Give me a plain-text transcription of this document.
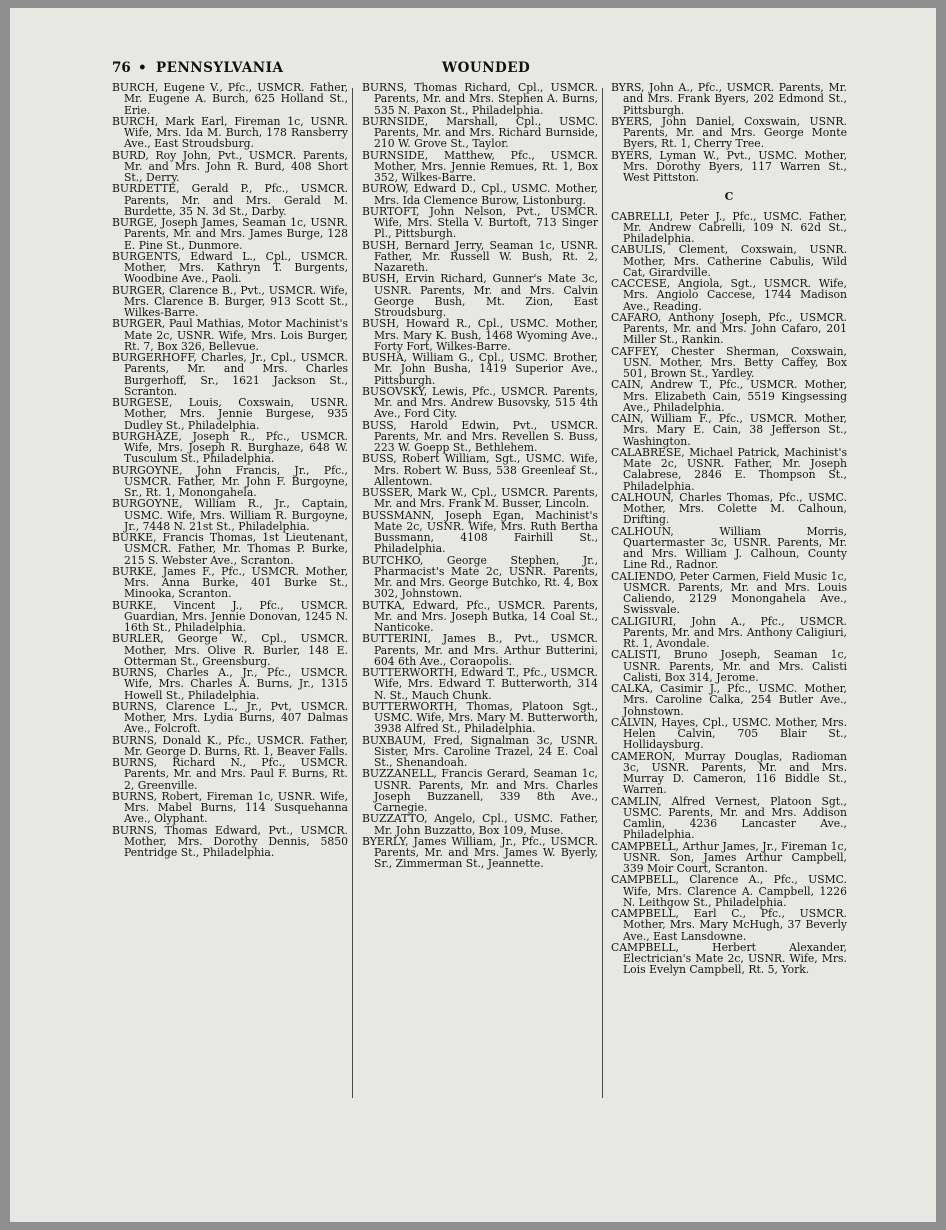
76 • PENNSYLVANIA	WOUNDED
BURCH, Eugene V., Pfc., USMCR. Father, Mr. Eugene A. Burch, 625 Holland St., Erie.
BURCH, Mark Earl, Fireman 1c, USNR. Wife, Mrs. Ida M. Burch, 178 Ransberry Ave., East Stroudsburg.
BURD, Roy John, Pvt., USMCR. Parents, Mr. and Mrs. John R. Burd, 408 Short St., Derry.
BURDETTE, Gerald P., Pfc., USMCR. Parents, Mr. and Mrs. Gerald M. Burdette, 35 N. 3d St., Darby.
BURGE, Joseph James, Seaman 1c, USNR. Parents, Mr. and Mrs. James Burge, 128 E. Pine St., Dunmore.
BURGENTS, Edward L., Cpl., USMCR. Mother, Mrs. Kathryn T. Burgents, Woodbine Ave., Paoli.
BURGER, Clarence B., Pvt., USMCR. Wife, Mrs. Clarence B. Burger, 913 Scott St., Wilkes-Barre.
BURGER, Paul Mathias, Motor Machinist's Mate 2c, USNR. Wife, Mrs. Lois Burger, Rt. 7, Box 326, Bellevue.
BURGERHOFF, Charles, Jr., Cpl., USMCR. Parents, Mr. and Mrs. Charles Burgerhoff, Sr., 1621 Jackson St., Scranton.
BURGESE, Louis, Coxswain, USNR. Mother, Mrs. Jennie Burgese, 935 Dudley St., Philadelphia.
BURGHAZE, Joseph R., Pfc., USMCR. Wife, Mrs. Joseph R. Burghaze, 648 W. Tusculum St., Philadelphia.
BURGOYNE, John Francis, Jr., Pfc., USMCR. Father, Mr. John F. Burgoyne, Sr., Rt. 1, Monongahela.
BURGOYNE, William R., Jr., Captain, USMC. Wife, Mrs. William R. Burgoyne, Jr., 7448 N. 21st St., Philadelphia.
BURKE, Francis Thomas, 1st Lieutenant, USMCR. Father, Mr. Thomas P. Burke, 215 S. Webster Ave., Scranton.
BURKE, James F., Pfc., USMCR. Mother, Mrs. Anna Burke, 401 Burke St., Minooka, Scranton.
BURKE, Vincent J., Pfc., USMCR. Guardian, Mrs. Jennie Donovan, 1245 N. 16th St., Philadelphia.
BURLER, George W., Cpl., USMCR. Mother, Mrs. Olive R. Burler, 148 E. Otterman St., Greensburg.
BURNS, Charles A., Jr., Pfc., USMCR. Wife, Mrs. Charles A. Burns, Jr., 1315 Howell St., Philadelphia.
BURNS, Clarence L., Jr., Pvt, USMCR. Mother, Mrs. Lydia Burns, 407 Dalmas Ave., Folcroft.
BURNS, Donald K., Pfc., USMCR. Father, Mr. George D. Burns, Rt. 1, Beaver Falls.
BURNS, Richard N., Pfc., USMCR. Parents, Mr. and Mrs. Paul F. Burns, Rt. 2, Greenville.
BURNS, Robert, Fireman 1c, USNR. Wife, Mrs. Mabel Burns, 114 Susquehanna Ave., Olyphant.
BURNS, Thomas Edward, Pvt., USMCR. Mother, Mrs. Dorothy Dennis, 5850 Pentridge St., Philadelphia.
BURNS, Thomas Richard, Cpl., USMCR. Parents, Mr. and Mrs. Stephen A. Burns, 535 N. Paxon St., Philadelphia.
BURNSIDE, Marshall, Cpl., USMC. Parents, Mr. and Mrs. Richard Burnside, 210 W. Grove St., Taylor.
BURNSIDE, Matthew, Pfc., USMCR. Mother, Mrs. Jennie Remues, Rt. 1, Box 352, Wilkes-Barre.
BUROW, Edward D., Cpl., USMC. Mother, Mrs. Ida Clemence Burow, Listonburg.
BURTOFT, John Nelson, Pvt., USMCR. Wife, Mrs. Stella V. Burtoft, 713 Singer Pl., Pittsburgh.
BUSH, Bernard Jerry, Seaman 1c, USNR. Father, Mr. Russell W. Bush, Rt. 2, Nazareth.
BUSH, Ervin Richard, Gunner's Mate 3c, USNR. Parents, Mr. and Mrs. Calvin George Bush, Mt. Zion, East Stroudsburg.
BUSH, Howard R., Cpl., USMC. Mother, Mrs. Mary K. Bush, 1468 Wyoming Ave., Forty Fort, Wilkes-Barre.
BUSHA, William G., Cpl., USMC. Brother, Mr. John Busha, 1419 Superior Ave., Pittsburgh.
BUSOVSKY, Lewis, Pfc., USMCR. Parents, Mr. and Mrs. Andrew Busovsky, 515 4th Ave., Ford City.
BUSS, Harold Edwin, Pvt., USMCR. Parents, Mr. and Mrs. Revellen S. Buss, 223 W. Goepp St., Bethlehem.
BUSS, Robert William, Sgt., USMC. Wife, Mrs. Robert W. Buss, 538 Greenleaf St., Allentown.
BUSSER, Mark W., Cpl., USMCR. Parents, Mr. and Mrs. Frank M. Busser, Lincoln.
BUSSMANN, Joseph Egan, Machinist's Mate 2c, USNR. Wife, Mrs. Ruth Bertha Bussmann, 4108 Fairhill St., Philadelphia.
BUTCHKO, George Stephen, Jr., Pharmacist's Mate 2c, USNR. Parents, Mr. and Mrs. George Butchko, Rt. 4, Box 302, Johnstown.
BUTKA, Edward, Pfc., USMCR. Parents, Mr. and Mrs. Joseph Butka, 14 Coal St., Nanticoke.
BUTTERINI, James B., Pvt., USMCR. Parents, Mr. and Mrs. Arthur Butterini, 604 6th Ave., Coraopolis.
BUTTERWORTH, Edward T., Pfc., USMCR. Wife, Mrs. Edward T. Butterworth, 314 N. St., Mauch Chunk.
BUTTERWORTH, Thomas, Platoon Sgt., USMC. Wife, Mrs. Mary M. Butterworth, 3938 Alfred St., Philadelphia.
BUXBAUM, Fred, Signalman 3c, USNR. Sister, Mrs. Caroline Trazel, 24 E. Coal St., Shenandoah.
BUZZANELL, Francis Gerard, Seaman 1c, USNR. Parents, Mr. and Mrs. Charles Joseph Buzzanell, 339 8th Ave., Carnegie.
BUZZATTO, Angelo, Cpl., USMC. Father, Mr. John Buzzatto, Box 109, Muse.
BYERLY, James William, Jr., Pfc., USMCR. Parents, Mr. and Mrs. James W. Byerly, Sr., Zimmerman St., Jeannette.
BYRS, John A., Pfc., USMCR. Parents, Mr. and Mrs. Frank Byers, 202 Edmond St., Pittsburgh.
BYERS, John Daniel, Coxswain, USNR. Parents, Mr. and Mrs. George Monte Byers, Rt. 1, Cherry Tree.
BYERS, Lyman W., Pvt., USMC. Mother, Mrs. Dorothy Byers, 117 Warren St., West Pittston.
C
CABRELLI, Peter J., Pfc., USMC. Father, Mr. Andrew Cabrelli, 109 N. 62d St., Philadelphia.
CABULIS, Clement, Coxswain, USNR. Mother, Mrs. Catherine Cabulis, Wild Cat, Girardville.
CACCESE, Angiola, Sgt., USMCR. Wife, Mrs. Angiolo Caccese, 1744 Madison Ave., Reading.
CAFARO, Anthony Joseph, Pfc., USMCR. Parents, Mr. and Mrs. John Cafaro, 201 Miller St., Rankin.
CAFFEY, Chester Sherman, Coxswain, USN. Mother, Mrs. Betty Caffey, Box 501, Brown St., Yardley.
CAIN, Andrew T., Pfc., USMCR. Mother, Mrs. Elizabeth Cain, 5519 Kingsessing Ave., Philadelphia.
CAIN, William F., Pfc., USMCR. Mother, Mrs. Mary E. Cain, 38 Jefferson St., Washington.
CALABRESE, Michael Patrick, Machinist's Mate 2c, USNR. Father, Mr. Joseph Calabrese, 2846 E. Thompson St., Philadelphia.
CALHOUN, Charles Thomas, Pfc., USMC. Mother, Mrs. Colette M. Calhoun, Drifting.
CALHOUN, William Morris, Quartermaster 3c, USNR. Parents, Mr. and Mrs. William J. Calhoun, County Line Rd., Radnor.
CALIENDO, Peter Carmen, Field Music 1c, USMCR. Parents, Mr. and Mrs. Louis Caliendo, 2129 Monongahela Ave., Swissvale.
CALIGIURI, John A., Pfc., USMCR. Parents, Mr. and Mrs. Anthony Caligiuri, Rt. 1, Avondale.
CALISTI, Bruno Joseph, Seaman 1c, USNR. Parents, Mr. and Mrs. Calisti Calisti, Box 314, Jerome.
CALKA, Casimir J., Pfc., USMC. Mother, Mrs. Caroline Calka, 254 Butler Ave., Johnstown.
CALVIN, Hayes, Cpl., USMC. Mother, Mrs. Helen Calvin, 705 Blair St., Hollidaysburg.
CAMERON, Murray Douglas, Radioman 3c, USNR. Parents, Mr. and Mrs. Murray D. Cameron, 116 Biddle St., Warren.
CAMLIN, Alfred Vernest, Platoon Sgt., USMC. Parents, Mr. and Mrs. Addison Camlin, 4236 Lancaster Ave., Philadelphia.
CAMPBELL, Arthur James, Jr., Fireman 1c, USNR. Son, James Arthur Campbell, 339 Moir Court, Scranton.
CAMPBELL, Clarence A., Pfc., USMC. Wife, Mrs. Clarence A. Campbell, 1226 N. Leithgow St., Philadelphia.
CAMPBELL, Earl C., Pfc., USMCR. Mother, Mrs. Mary McHugh, 37 Beverly Ave., East Lansdowne.
CAMPBELL, Herbert Alexander, Electrician's Mate 2c, USNR. Wife, Mrs. Lois Evelyn Campbell, Rt. 5, York.
